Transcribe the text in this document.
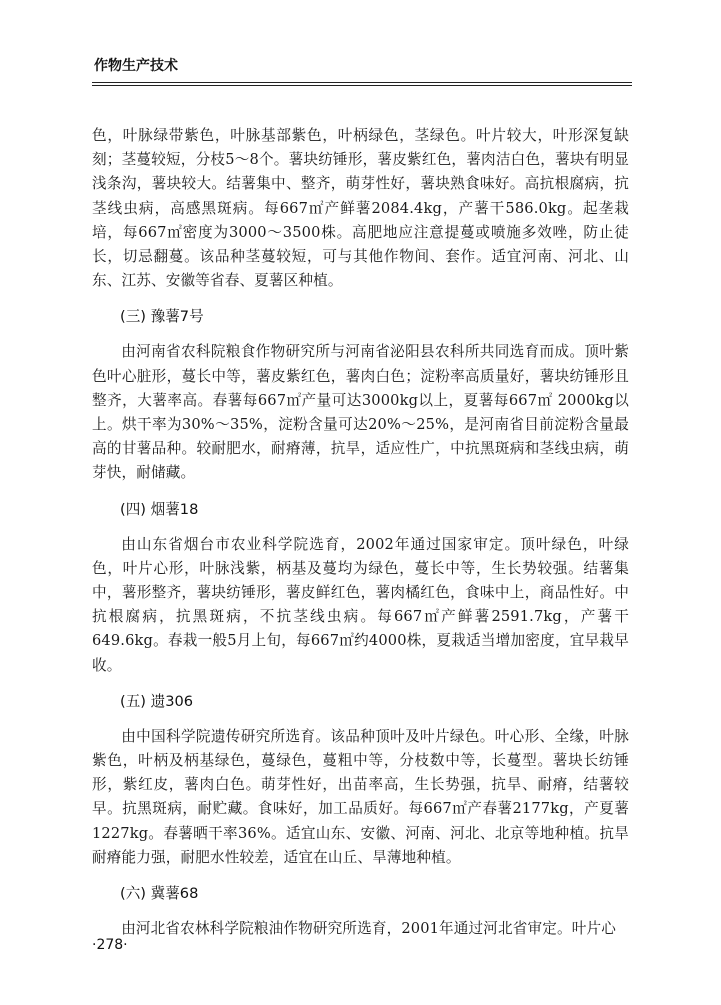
作物生产技术

色，叶脉绿带紫色，叶脉基部紫色，叶柄绿色，茎绿色。叶片较大，叶形深复缺刻；茎蔓较短，分枝5～8个。薯块纺锤形，薯皮紫红色，薯肉洁白色，薯块有明显浅条沟，薯块较大。结薯集中、整齐，萌芽性好，薯块熟食味好。高抗根腐病，抗茎线虫病，高感黑斑病。每667㎡产鲜薯2084.4kg，产薯干586.0kg。起垄栽培，每667㎡密度为3000～3500株。高肥地应注意提蔓或喷施多效唑，防止徒长，切忌翻蔓。该品种茎蔓较短，可与其他作物间、套作。适宜河南、河北、山东、江苏、安徽等省春、夏薯区种植。

(三) 豫薯7号

由河南省农科院粮食作物研究所与河南省泌阳县农科所共同选育而成。顶叶紫色叶心脏形，蔓长中等，薯皮紫红色，薯肉白色；淀粉率高质量好，薯块纺锤形且整齐，大薯率高。春薯每667㎡产量可达3000kg以上，夏薯每667㎡ 2000kg以上。烘干率为30%～35%，淀粉含量可达20%～25%，是河南省目前淀粉含量最高的甘薯品种。较耐肥水，耐瘠薄，抗旱，适应性广，中抗黑斑病和茎线虫病，萌芽快，耐储藏。

(四) 烟薯18

由山东省烟台市农业科学院选育，2002年通过国家审定。顶叶绿色，叶绿色，叶片心形，叶脉浅紫，柄基及蔓均为绿色，蔓长中等，生长势较强。结薯集中，薯形整齐，薯块纺锤形，薯皮鲜红色，薯肉橘红色，食味中上，商品性好。中抗根腐病，抗黑斑病，不抗茎线虫病。每667㎡产鲜薯2591.7kg，产薯干649.6kg。春栽一般5月上旬，每667㎡约4000株，夏栽适当增加密度，宜早栽早收。

(五) 遗306

由中国科学院遗传研究所选育。该品种顶叶及叶片绿色。叶心形、全缘，叶脉紫色，叶柄及柄基绿色，蔓绿色，蔓粗中等，分枝数中等，长蔓型。薯块长纺锤形，紫红皮，薯肉白色。萌芽性好，出苗率高，生长势强，抗旱、耐瘠，结薯较早。抗黑斑病，耐贮藏。食味好，加工品质好。每667㎡产春薯2177kg，产夏薯1227kg。春薯晒干率36%。适宜山东、安徽、河南、河北、北京等地种植。抗旱耐瘠能力强，耐肥水性较差，适宜在山丘、旱薄地种植。

(六) 冀薯68

由河北省农林科学院粮油作物研究所选育，2001年通过河北省审定。叶片心

·278·
